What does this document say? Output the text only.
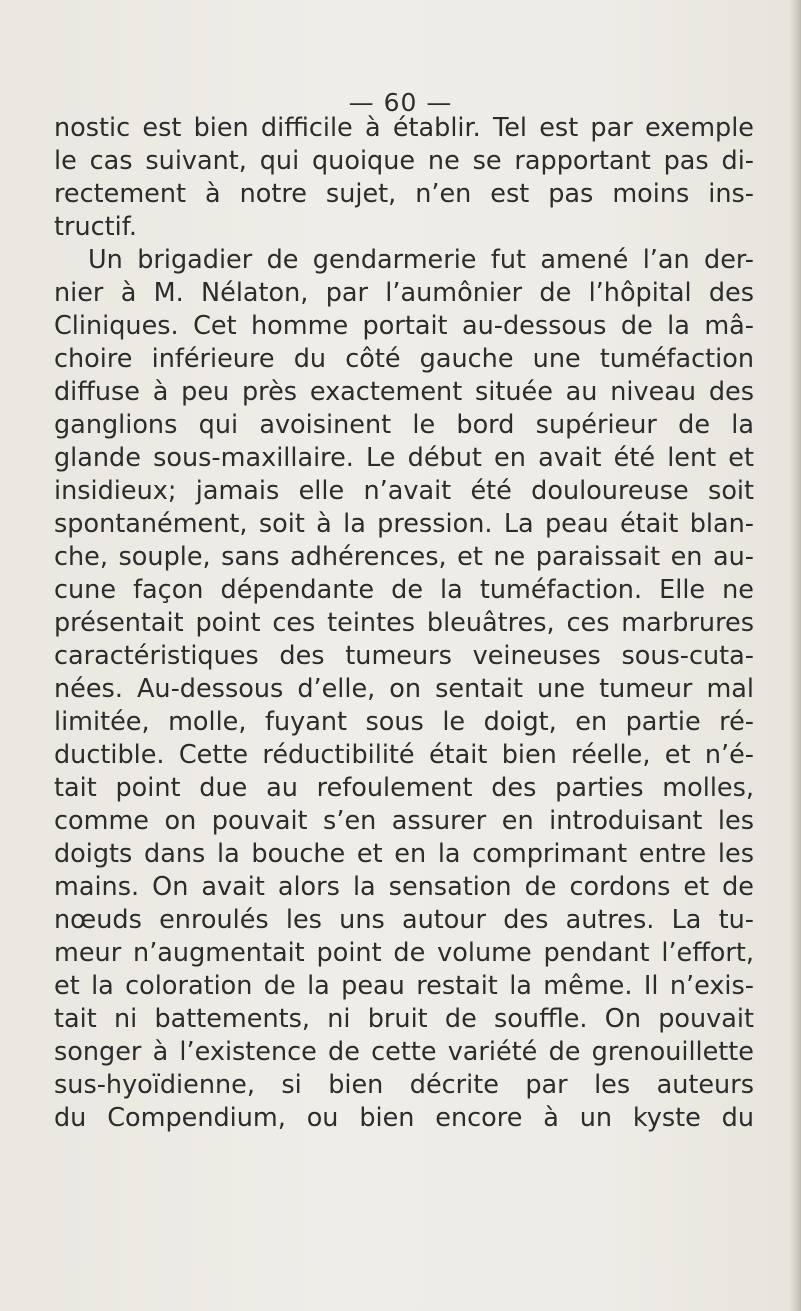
— 60 —
nostic est bien difficile à établir. Tel est par exemple
le cas suivant, qui quoique ne se rapportant pas di-
rectement à notre sujet, n’en est pas moins ins-
tructif.
Un brigadier de gendarmerie fut amené l’an der-
nier à M. Nélaton, par l’aumônier de l’hôpital des
Cliniques. Cet homme portait au-dessous de la mâ-
choire inférieure du côté gauche une tuméfaction
diffuse à peu près exactement située au niveau des
ganglions qui avoisinent le bord supérieur de la
glande sous-maxillaire. Le début en avait été lent et
insidieux; jamais elle n’avait été douloureuse soit
spontanément, soit à la pression. La peau était blan-
che, souple, sans adhérences, et ne paraissait en au-
cune façon dépendante de la tuméfaction. Elle ne
présentait point ces teintes bleuâtres, ces marbrures
caractéristiques des tumeurs veineuses sous-cuta-
nées. Au-dessous d’elle, on sentait une tumeur mal
limitée, molle, fuyant sous le doigt, en partie ré-
ductible. Cette réductibilité était bien réelle, et n’é-
tait point due au refoulement des parties molles,
comme on pouvait s’en assurer en introduisant les
doigts dans la bouche et en la comprimant entre les
mains. On avait alors la sensation de cordons et de
nœuds enroulés les uns autour des autres. La tu-
meur n’augmentait point de volume pendant l’effort,
et la coloration de la peau restait la même. Il n’exis-
tait ni battements, ni bruit de souffle. On pouvait
songer à l’existence de cette variété de grenouillette
sus-hyoïdienne, si bien décrite par les auteurs
du Compendium, ou bien encore à un kyste du
